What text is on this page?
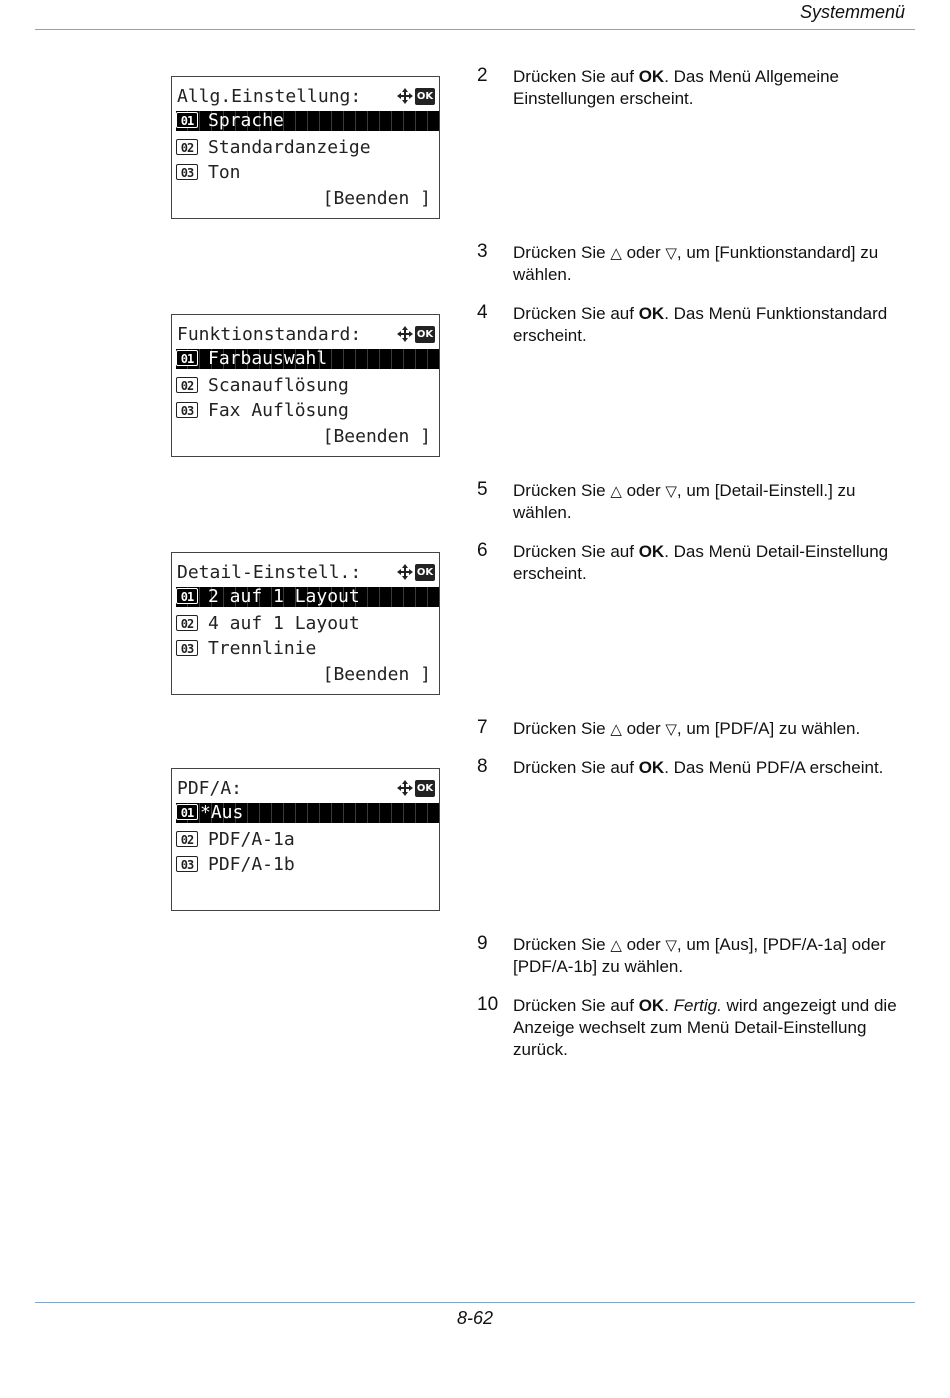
Systemmenü
Allg.Einstellung:	OK
01 Sprache
02 Standardanzeige
03 Ton
[Beenden ]
Funktionstandard:	OK
01 Farbauswahl
02 Scanauflösung
03 Fax Auflösung
[Beenden ]
Detail-Einstell.:	OK
01 2 auf 1 Layout
02 4 auf 1 Layout
03 Trennlinie
[Beenden ]
PDF/A:	OK
01 *Aus
02 PDF/A-1a
03 PDF/A-1b
2 Drücken Sie auf OK. Das Menü Allgemeine Einstellungen erscheint.
3 Drücken Sie △ oder ▽, um [Funktionstandard] zu wählen.
4 Drücken Sie auf OK. Das Menü Funktionstandard erscheint.
5 Drücken Sie △ oder ▽, um [Detail-Einstell.] zu wählen.
6 Drücken Sie auf OK. Das Menü Detail-Einstellung erscheint.
7 Drücken Sie △ oder ▽, um [PDF/A] zu wählen.
8 Drücken Sie auf OK. Das Menü PDF/A erscheint.
9 Drücken Sie △ oder ▽, um [Aus], [PDF/A-1a] oder [PDF/A-1b] zu wählen.
10 Drücken Sie auf OK. Fertig. wird angezeigt und die Anzeige wechselt zum Menü Detail-Einstellung zurück.
8-62
